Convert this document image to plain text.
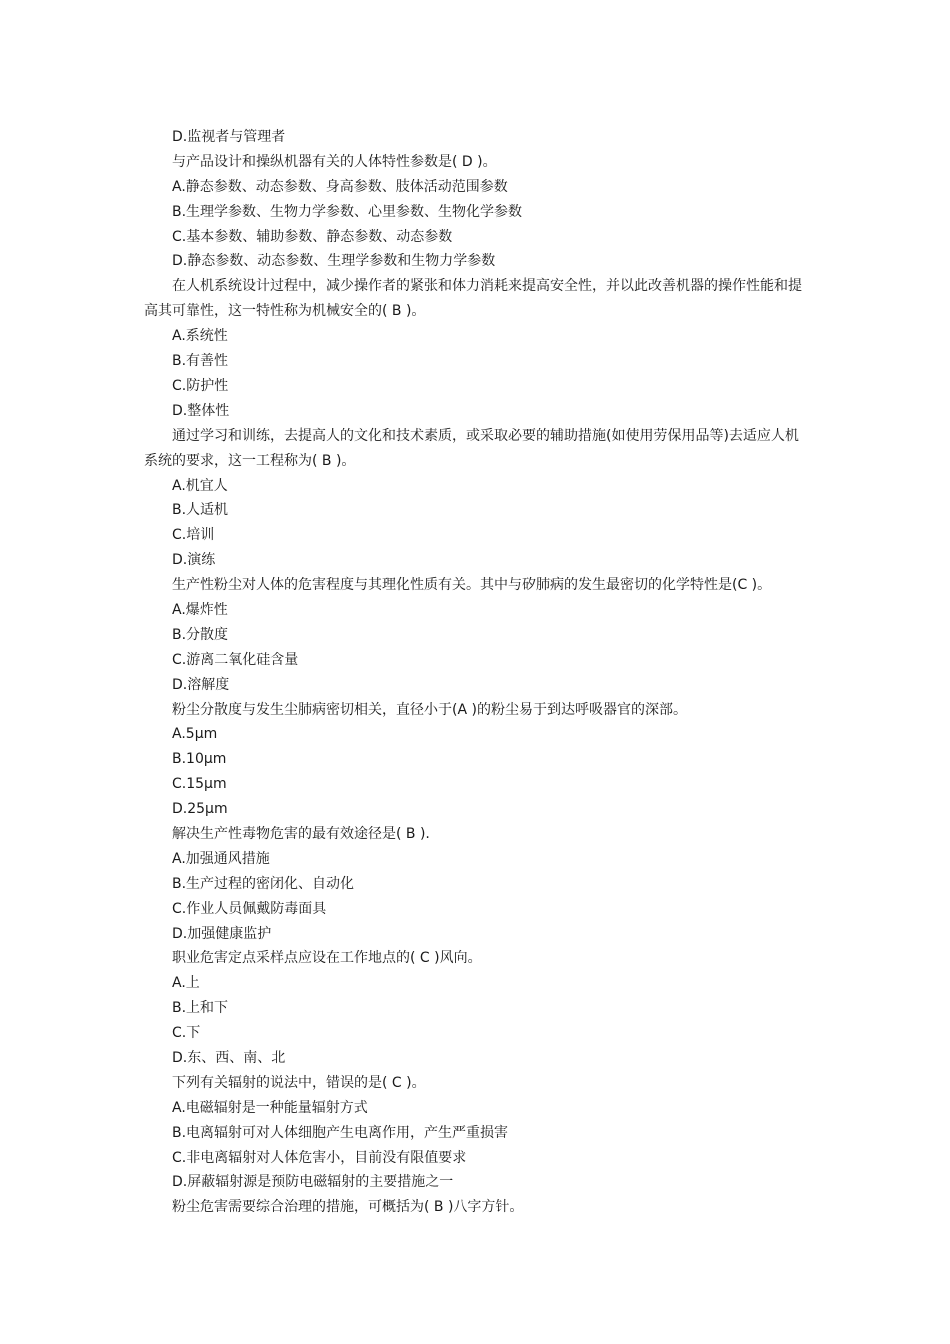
D.监视者与管理者
与产品设计和操纵机器有关的人体特性参数是( D )。
A.静态参数、动态参数、身高参数、肢体活动范围参数
B.生理学参数、生物力学参数、心里参数、生物化学参数
C.基本参数、辅助参数、静态参数、动态参数
D.静态参数、动态参数、生理学参数和生物力学参数
在人机系统设计过程中，减少操作者的紧张和体力消耗来提高安全性，并以此改善机器的操作性能和提高其可靠性，这一特性称为机械安全的( B )。
A.系统性
B.有善性
C.防护性
D.整体性
通过学习和训练，去提高人的文化和技术素质，或采取必要的辅助措施(如使用劳保用品等)去适应人机系统的要求，这一工程称为( B )。
A.机宜人
B.人适机
C.培训
D.演练
生产性粉尘对人体的危害程度与其理化性质有关。其中与矽肺病的发生最密切的化学特性是(C )。
A.爆炸性
B.分散度
C.游离二氧化硅含量
D.溶解度
粉尘分散度与发生尘肺病密切相关，直径小于(A )的粉尘易于到达呼吸器官的深部。
A.5μm
B.10μm
C.15μm
D.25μm
解决生产性毒物危害的最有效途径是( B ).
A.加强通风措施
B.生产过程的密闭化、自动化
C.作业人员佩戴防毒面具
D.加强健康监护
职业危害定点采样点应设在工作地点的( C )风向。
A.上
B.上和下
C.下
D.东、西、南、北
下列有关辐射的说法中，错误的是( C )。
A.电磁辐射是一种能量辐射方式
B.电离辐射可对人体细胞产生电离作用，产生严重损害
C.非电离辐射对人体危害小，目前没有限值要求
D.屏蔽辐射源是预防电磁辐射的主要措施之一
粉尘危害需要综合治理的措施，可概括为( B )八字方针。
